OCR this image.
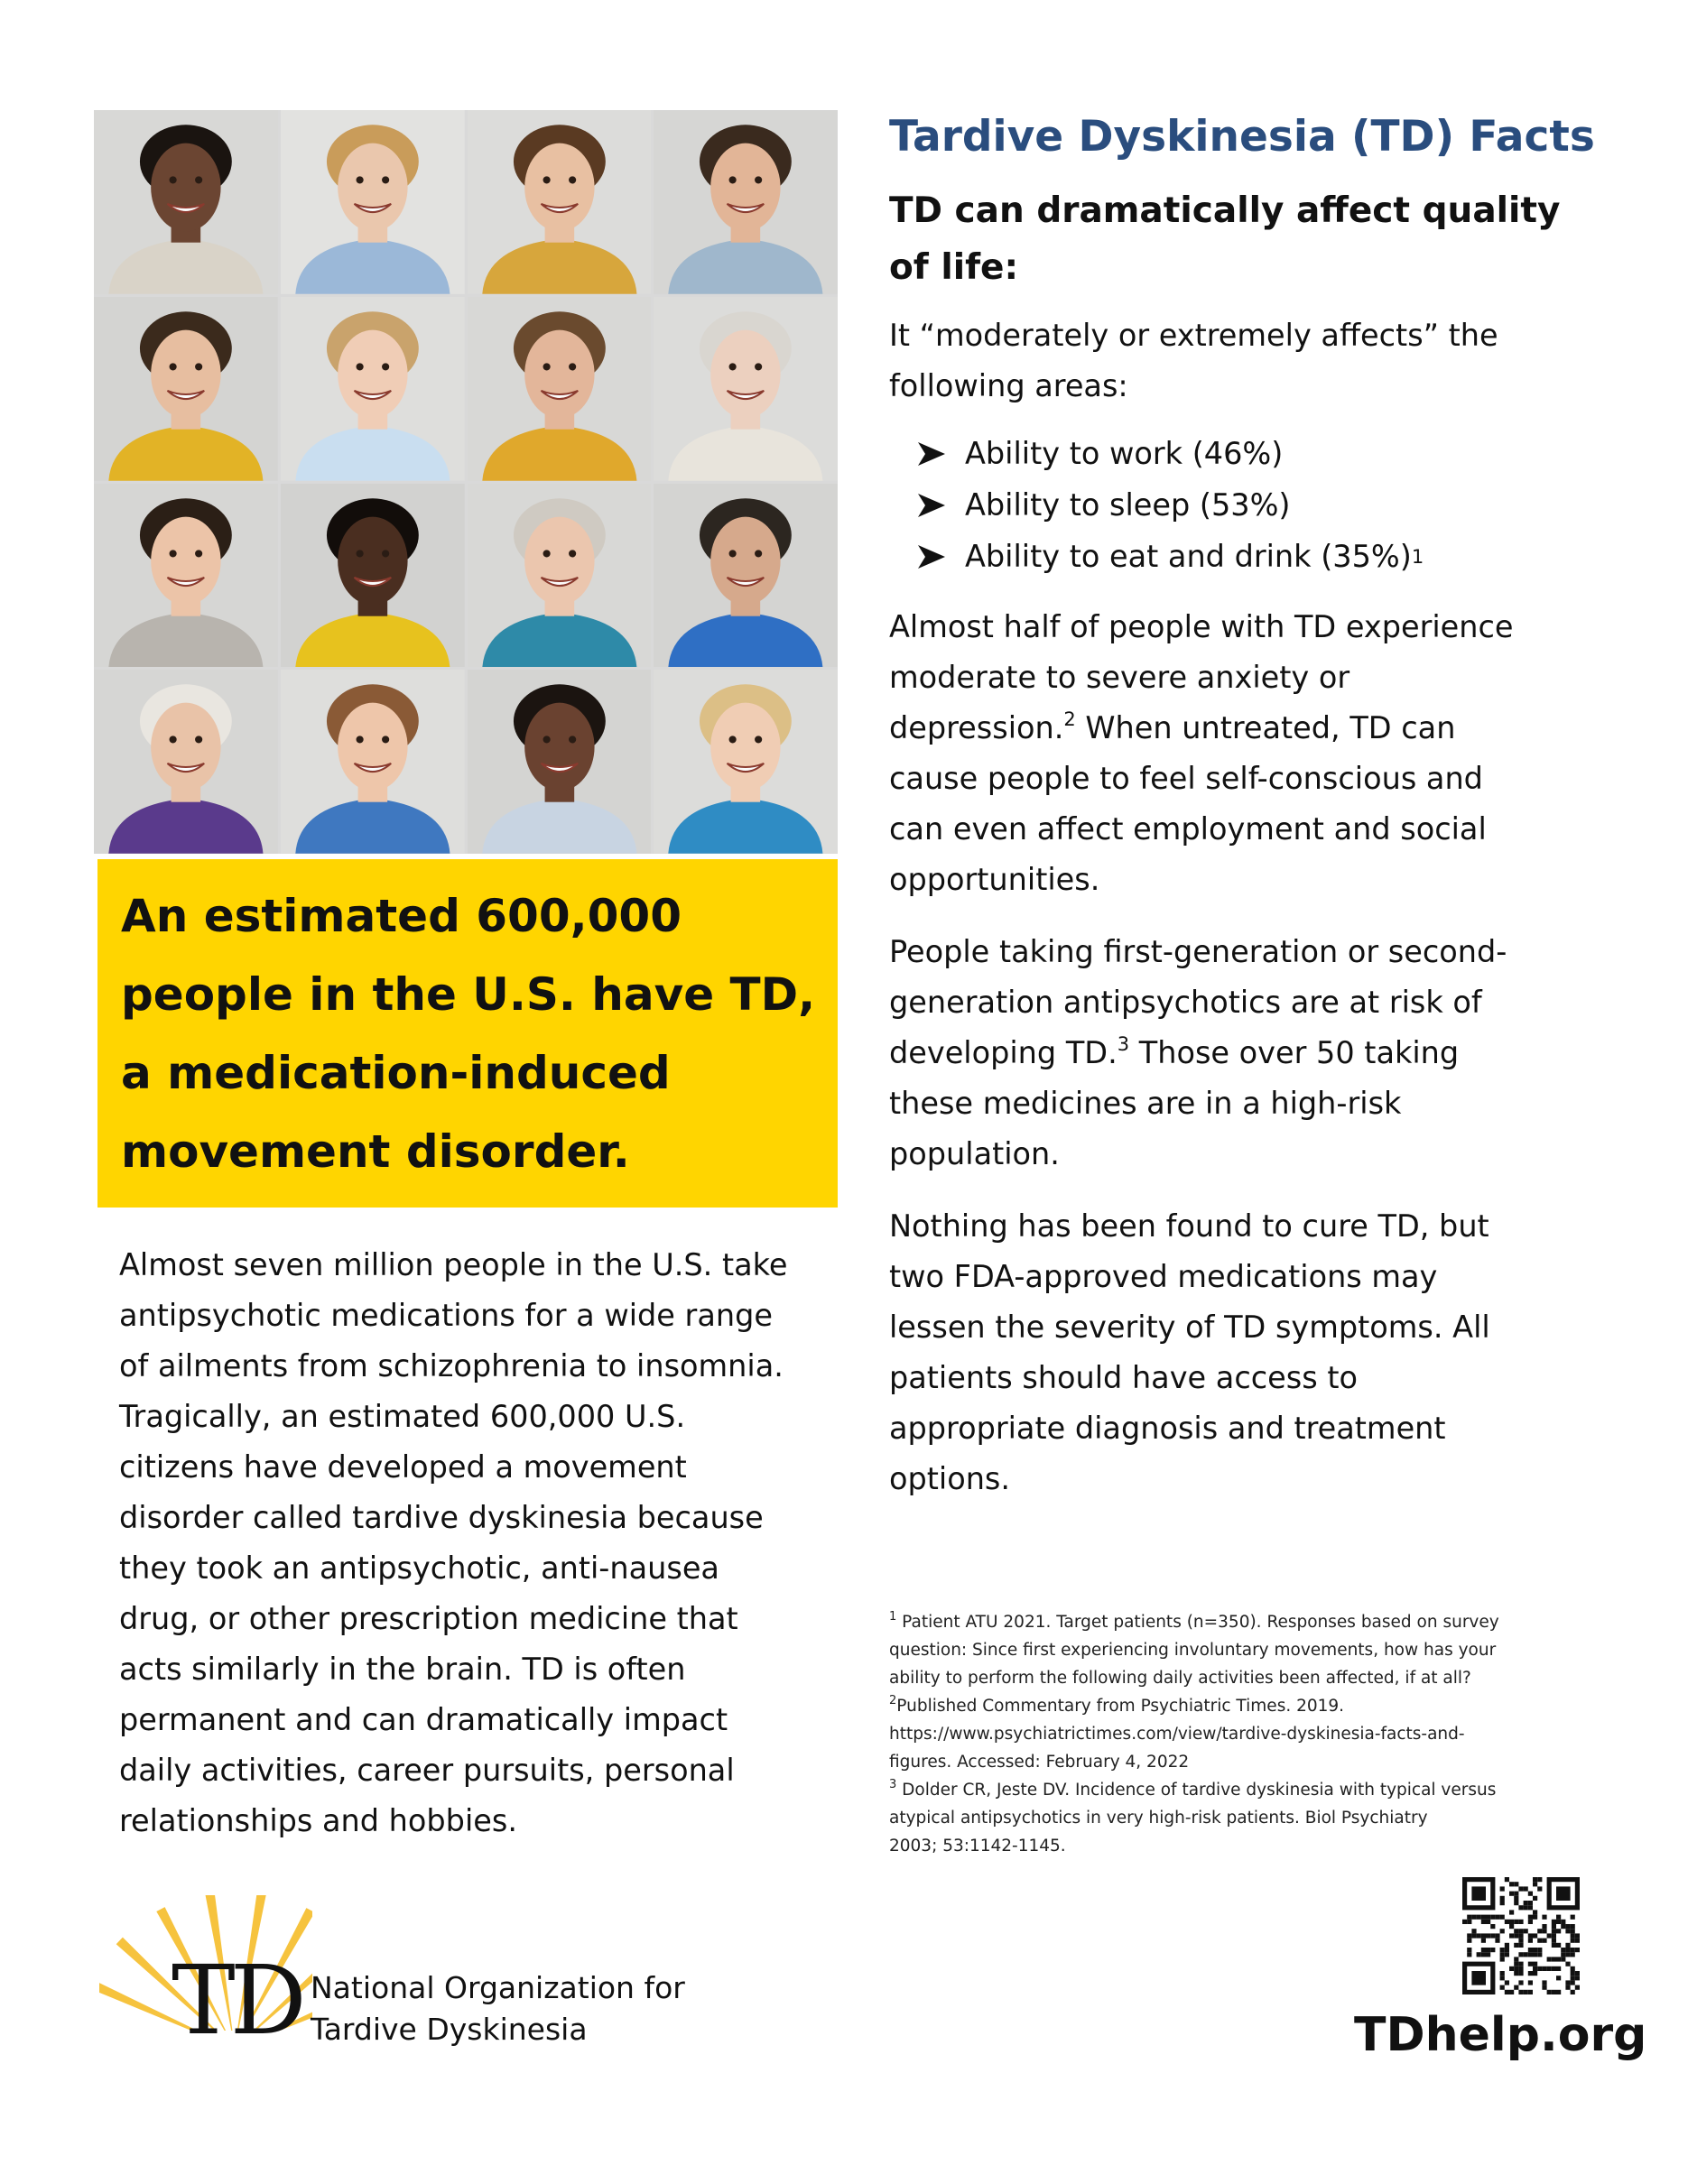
An estimated 600,000
people in the U.S. have TD,
a medication-induced
movement disorder.

Almost seven million people in the U.S. take
antipsychotic medications for a wide range
of ailments from schizophrenia to insomnia.
Tragically, an estimated 600,000 U.S.
citizens have developed a movement
disorder called tardive dyskinesia because
they took an antipsychotic, anti-nausea
drug, or other prescription medicine that
acts similarly in the brain. TD is often
permanent and can dramatically impact
daily activities, career pursuits, personal
relationships and hobbies.

Tardive Dyskinesia (TD) Facts

TD can dramatically affect quality
of life:

It “moderately or extremely affects” the
following areas:

Ability to work (46%)
Ability to sleep (53%)
Ability to eat and drink (35%) 1

Almost half of people with TD experience
moderate to severe anxiety or
depression.$^2$ When untreated, TD can
cause people to feel self-conscious and
can even affect employment and social
opportunities.

People taking first-generation or second-
generation antipsychotics are at risk of
developing TD.$^3$ Those over 50 taking
these medicines are in a high-risk
population.

Nothing has been found to cure TD, but
two FDA-approved medications may
lessen the severity of TD symptoms. All
patients should have access to
appropriate diagnosis and treatment
options.

$^1$ Patient ATU 2021. Target patients (n=350). Responses based on survey
question: Since first experiencing involuntary movements, how has your
ability to perform the following daily activities been affected, if at all?
$^2$Published Commentary from Psychiatric Times. 2019.
https://www.psychiatrictimes.com/view/tardive-dyskinesia-facts-and-
figures. Accessed: February 4, 2022
$^3$ Dolder CR, Jeste DV. Incidence of tardive dyskinesia with typical versus
atypical antipsychotics in very high-risk patients. Biol Psychiatry
2003; 53:1142-1145.

TD National Organization for
Tardive Dyskinesia	TDhelp.org
